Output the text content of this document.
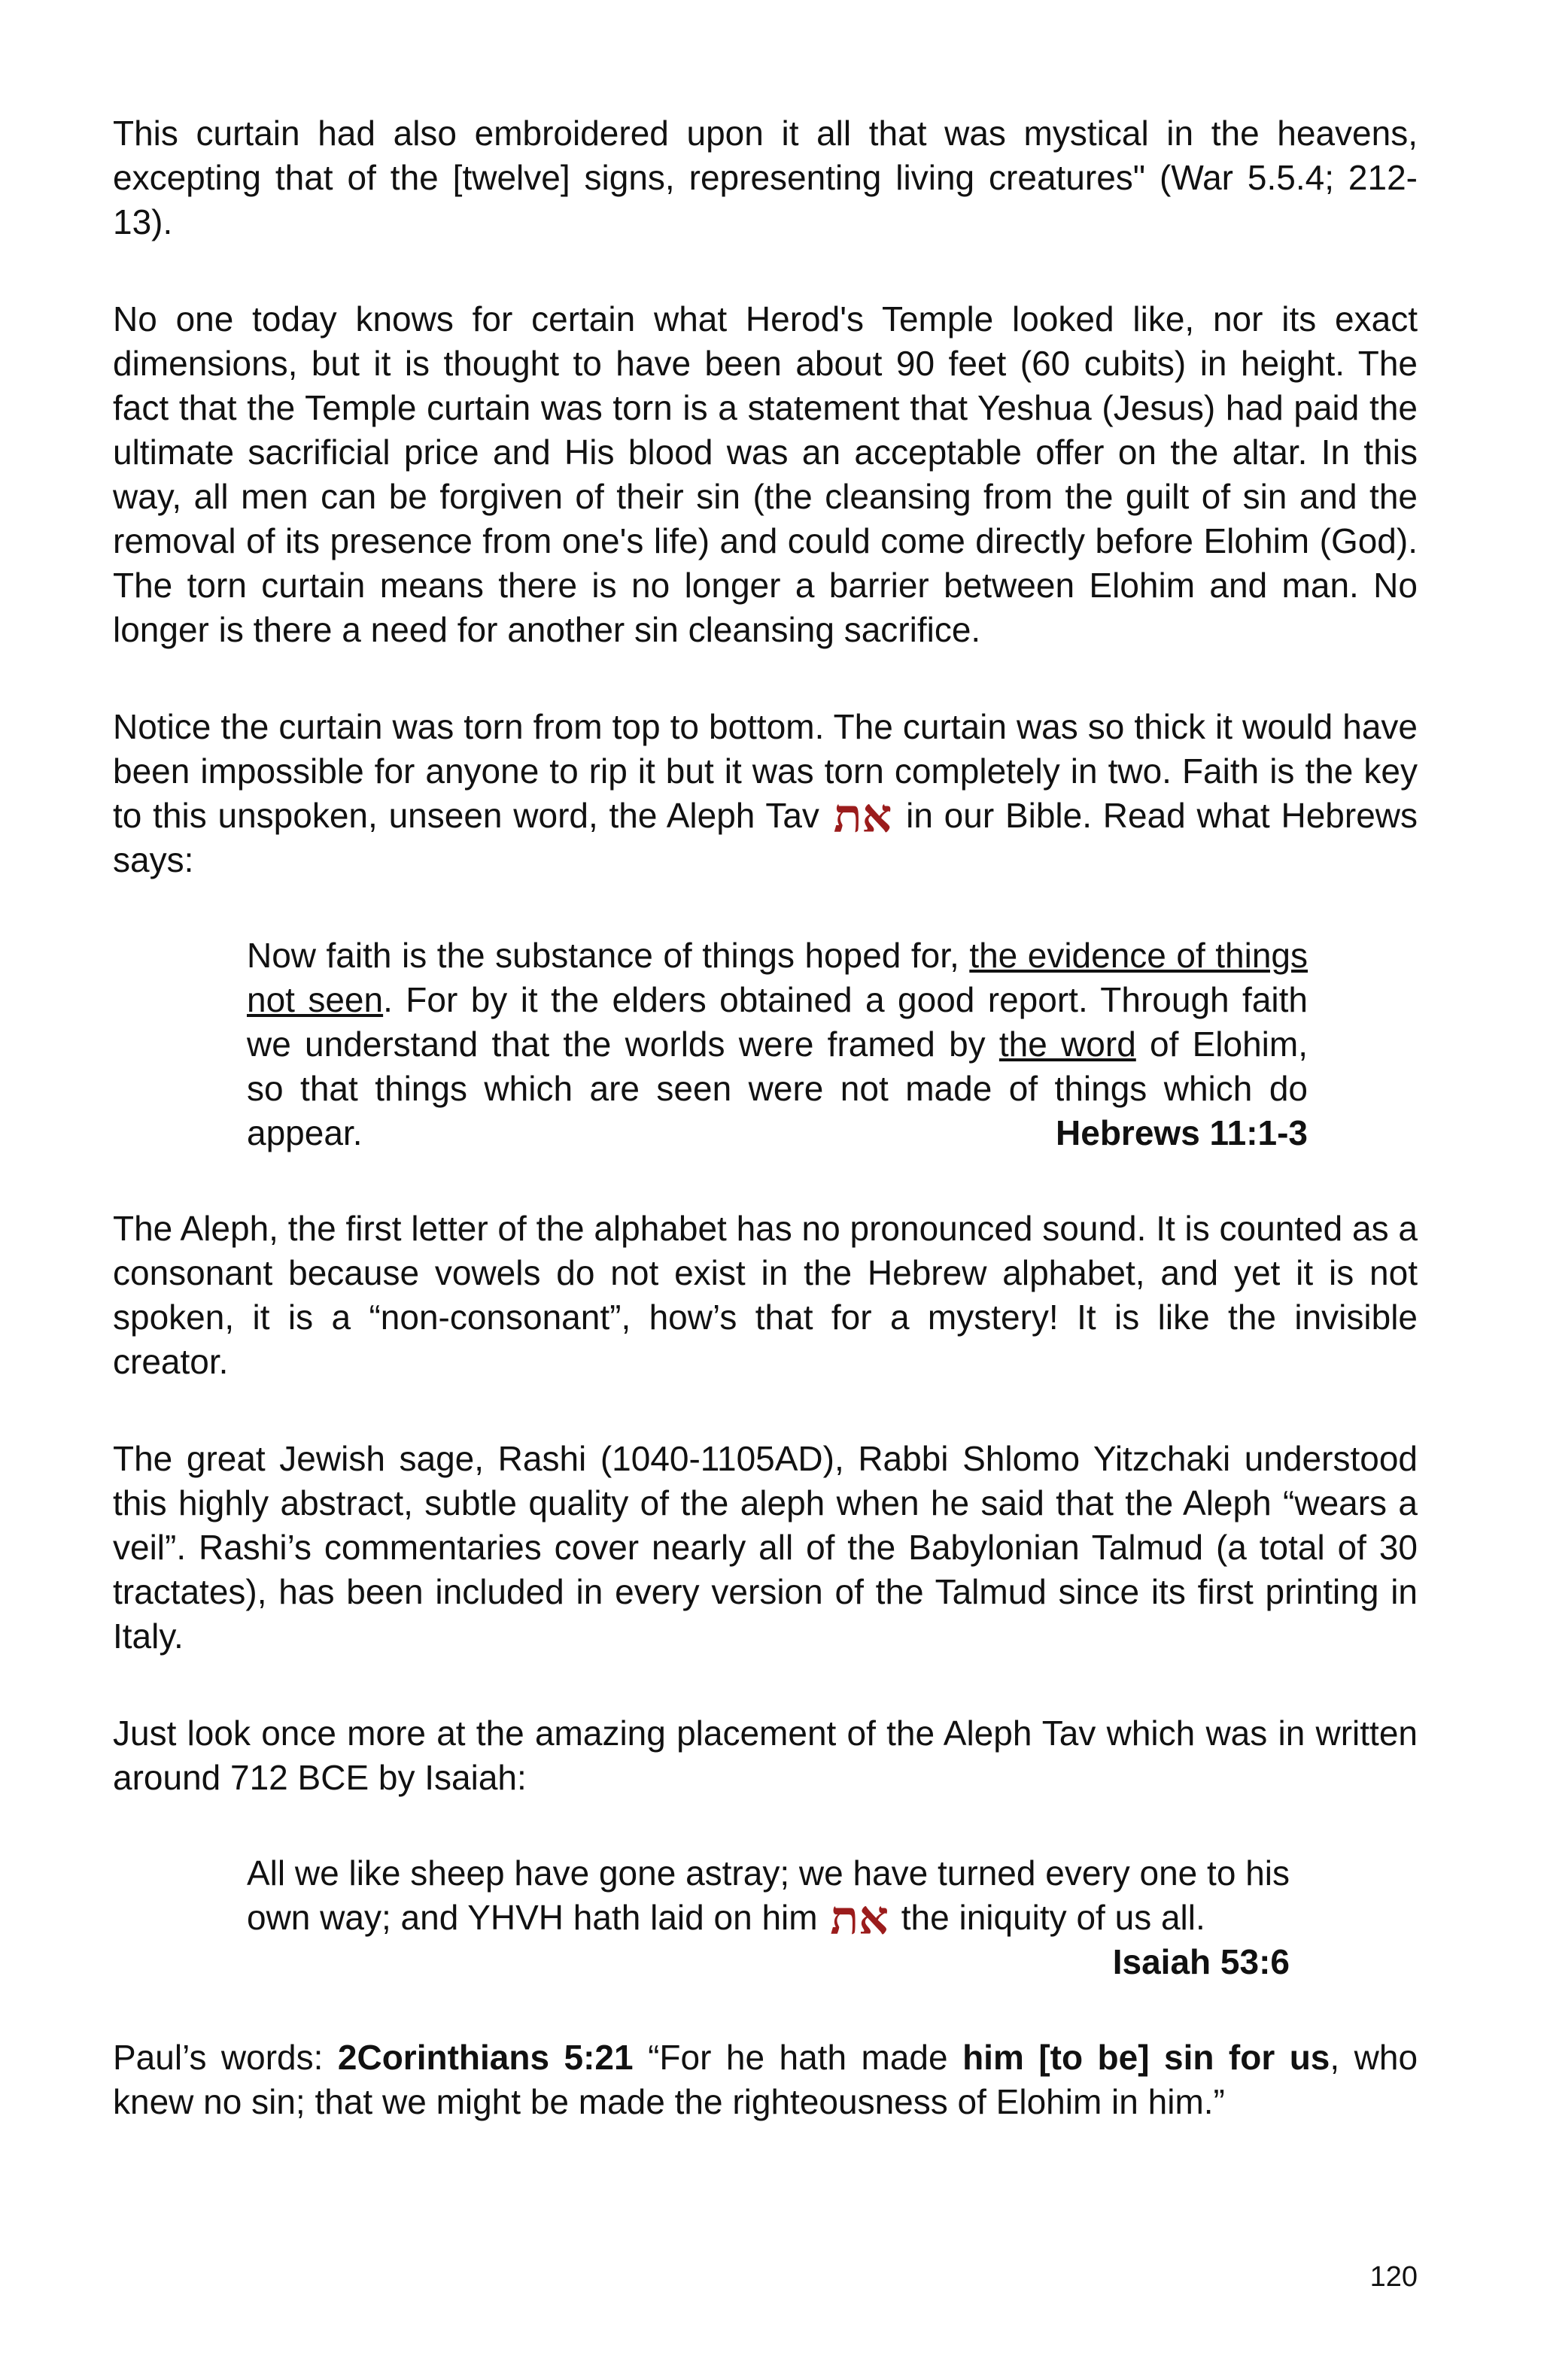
This curtain had also embroidered upon it all that was mystical in the heavens, excepting that of the [twelve] signs, representing living creatures" (War 5.5.4; 212-13).

No one today knows for certain what Herod's Temple looked like, nor its exact dimensions, but it is thought to have been about 90 feet (60 cubits) in height. The fact that the Temple curtain was torn is a statement that Yeshua (Jesus) had paid the ultimate sacrificial price and His blood was an acceptable offer on the altar. In this way, all men can be forgiven of their sin (the cleansing from the guilt of sin and the removal of its presence from one's life) and could come directly before Elohim (God). The torn curtain means there is no longer a barrier between Elohim and man. No longer is there a need for another sin cleansing sacrifice.

Notice the curtain was torn from top to bottom. The curtain was so thick it would have been impossible for anyone to rip it but it was torn completely in two. Faith is the key to this unspoken, unseen word, the Aleph Tav את in our Bible. Read what Hebrews says:

Now faith is the substance of things hoped for, the evidence of things not seen. For by it the elders obtained a good report. Through faith we understand that the worlds were framed by the word of Elohim, so that things which are seen were not made of things which do appear.	Hebrews 11:1-3

The Aleph, the first letter of the alphabet has no pronounced sound. It is counted as a consonant because vowels do not exist in the Hebrew alphabet, and yet it is not spoken, it is a “non-consonant”, how’s that for a mystery! It is like the invisible creator.

The great Jewish sage, Rashi (1040-1105AD), Rabbi Shlomo Yitzchaki understood this highly abstract, subtle quality of the aleph when he said that the Aleph “wears a veil”. Rashi’s commentaries cover nearly all of the Babylonian Talmud (a total of 30 tractates), has been included in every version of the Talmud since its first printing in Italy.

Just look once more at the amazing placement of the Aleph Tav which was in written around 712 BCE by Isaiah:

All we like sheep have gone astray; we have turned every one to his own way; and YHVH hath laid on him את the iniquity of us all.
Isaiah 53:6

Paul’s words: 2Corinthians 5:21 “For he hath made him [to be] sin for us, who knew no sin; that we might be made the righteousness of Elohim in him.”

120
